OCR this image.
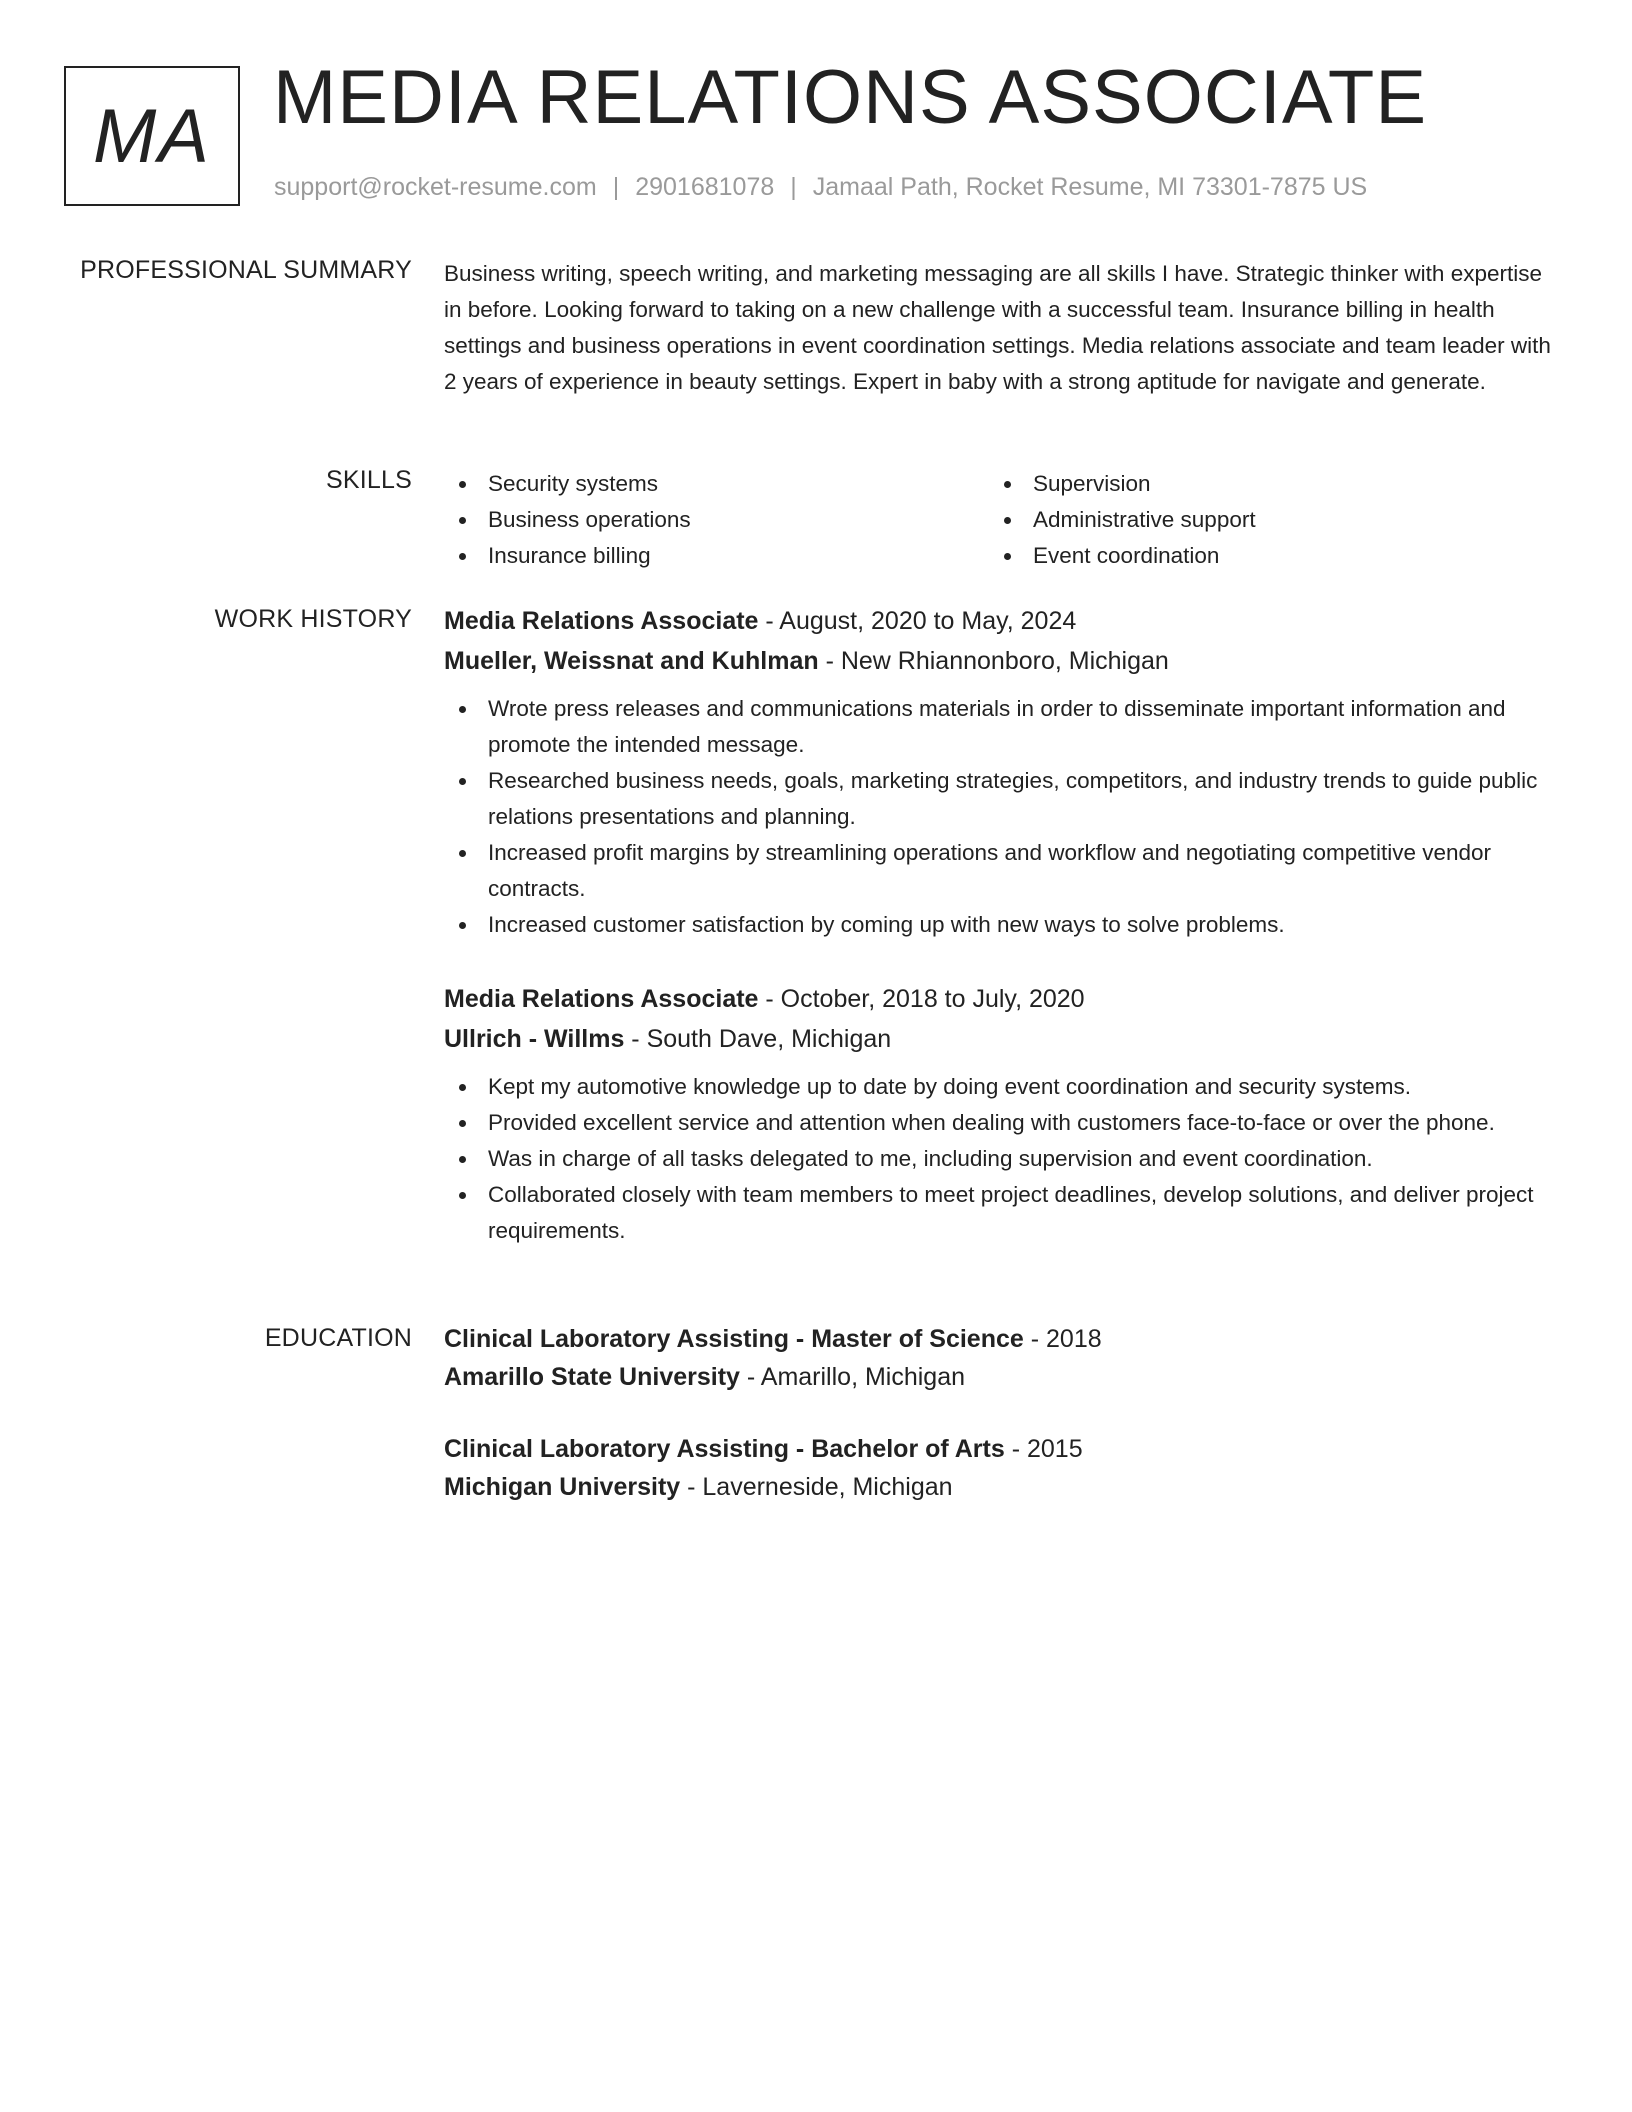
MA MEDIA RELATIONS ASSOCIATE
support@rocket-resume.com | 2901681078 | Jamaal Path, Rocket Resume, MI 73301-7875 US
PROFESSIONAL SUMMARY Business writing, speech writing, and marketing messaging are all skills I have. Strategic thinker with expertise in before. Looking forward to taking on a new challenge with a successful team. Insurance billing in health settings and business operations in event coordination settings. Media relations associate and team leader with 2 years of experience in beauty settings. Expert in baby with a strong aptitude for navigate and generate.

SKILLS	Security systems
Business operations
Insurance billing
Supervision
Administrative support
Event coordination
WORK HISTORY Media Relations Associate - August, 2020 to May, 2024
Mueller, Weissnat and Kuhlman - New Rhiannonboro, Michigan
Wrote press releases and communications materials in order to disseminate important information and promote the intended message.
Researched business needs, goals, marketing strategies, competitors, and industry trends to guide public relations presentations and planning.
Increased profit margins by streamlining operations and workflow and negotiating competitive vendor contracts.
Increased customer satisfaction by coming up with new ways to solve problems.
Media Relations Associate - October, 2018 to July, 2020
Ullrich - Willms - South Dave, Michigan
Kept my automotive knowledge up to date by doing event coordination and security systems.
Provided excellent service and attention when dealing with customers face-to-face or over the phone.
Was in charge of all tasks delegated to me, including supervision and event coordination.
Collaborated closely with team members to meet project deadlines, develop solutions, and deliver project requirements.
EDUCATION Clinical Laboratory Assisting - Master of Science - 2018
Amarillo State University - Amarillo, Michigan
Clinical Laboratory Assisting - Bachelor of Arts - 2015
Michigan University - Laverneside, Michigan
